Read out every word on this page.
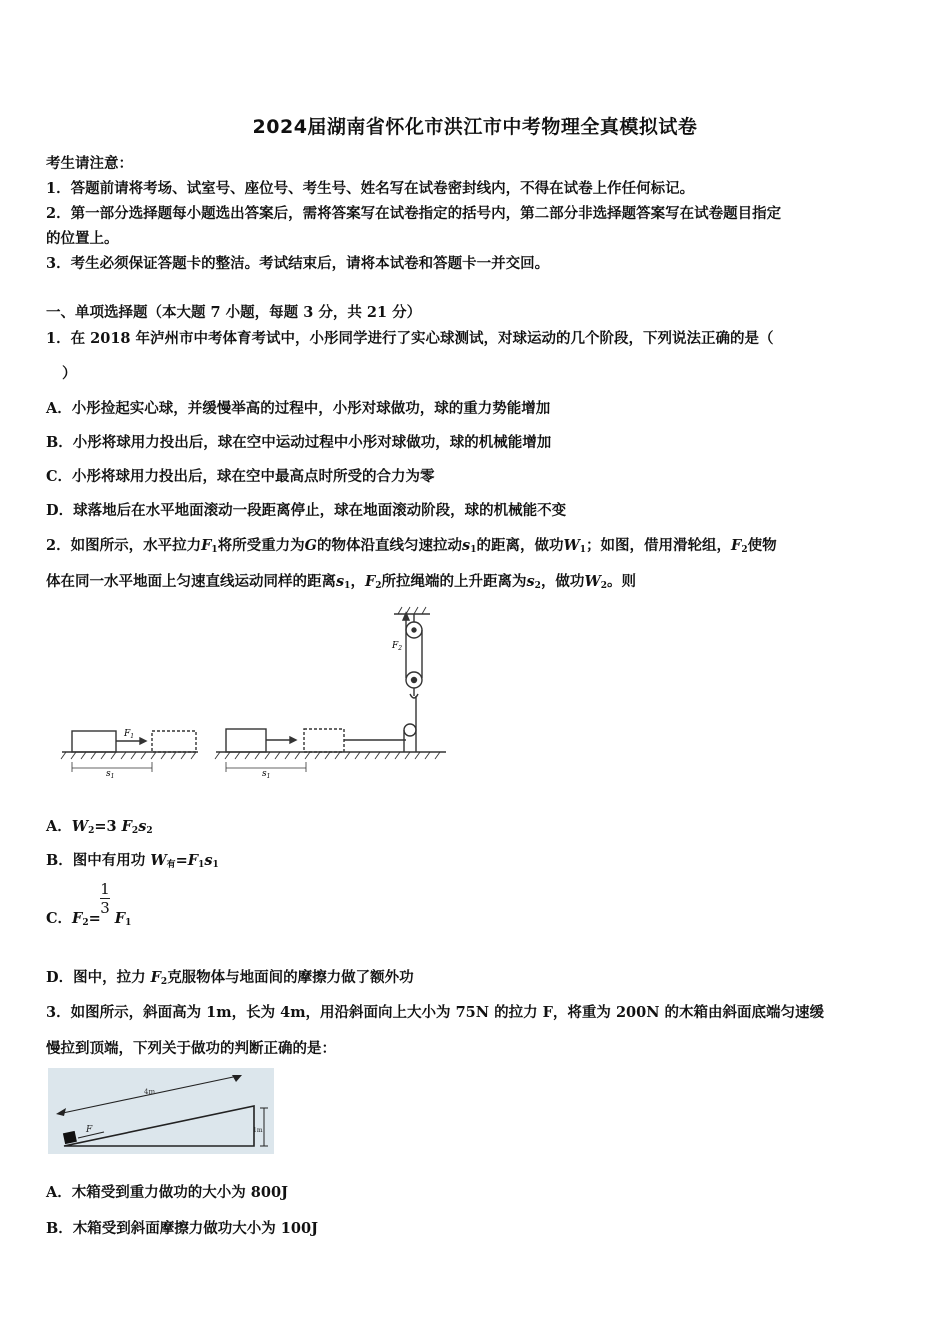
2024届湖南省怀化市洪江市中考物理全真模拟试卷
考生请注意：
1．答题前请将考场、试室号、座位号、考生号、姓名写在试卷密封线内，不得在试卷上作任何标记。
2．第一部分选择题每小题选出答案后，需将答案写在试卷指定的括号内，第二部分非选择题答案写在试卷题目指定
的位置上。
3．考生必须保证答题卡的整洁。考试结束后，请将本试卷和答题卡一并交回。
一、单项选择题（本大题 7 小题，每题 3 分，共 21 分）
1．在 2018 年泸州市中考体育考试中，小彤同学进行了实心球测试，对球运动的几个阶段，下列说法正确的是（
）
A．小彤捡起实心球，并缓慢举高的过程中，小彤对球做功，球的重力势能增加
B．小彤将球用力投出后，球在空中运动过程中小彤对球做功，球的机械能增加
C．小彤将球用力投出后，球在空中最高点时所受的合力为零
D．球落地后在水平地面滚动一段距离停止，球在地面滚动阶段，球的机械能不变
2．如图所示，水平拉力$F_1$将所受重力为G的物体沿直线匀速拉动$s_1$的距离，做功$W_1$；如图，借用滑轮组，$F_2$使物
体在同一水平地面上匀速直线运动同样的距离$s_1$，$F_2$所拉绳端的上升距离为$s_2$，做功$W_2$。则
$F_1$
$s_1$	$s_1$
$F_2$
A．$W_2=3$ $F_2s_2$
B．图中有用功 $W_有=F_1s_1$
C．$F_2= F_1$
1
3
D．图中，拉力 $F_2$克服物体与地面间的摩擦力做了额外功
3．如图所示，斜面高为 1m，长为 4m，用沿斜面向上大小为 75N 的拉力 F，将重为 200N 的木箱由斜面底端匀速缓
慢拉到顶端，下列关于做功的判断正确的是：
4m
F	1m
A．木箱受到重力做功的大小为 800J
B．木箱受到斜面摩擦力做功大小为 100J
